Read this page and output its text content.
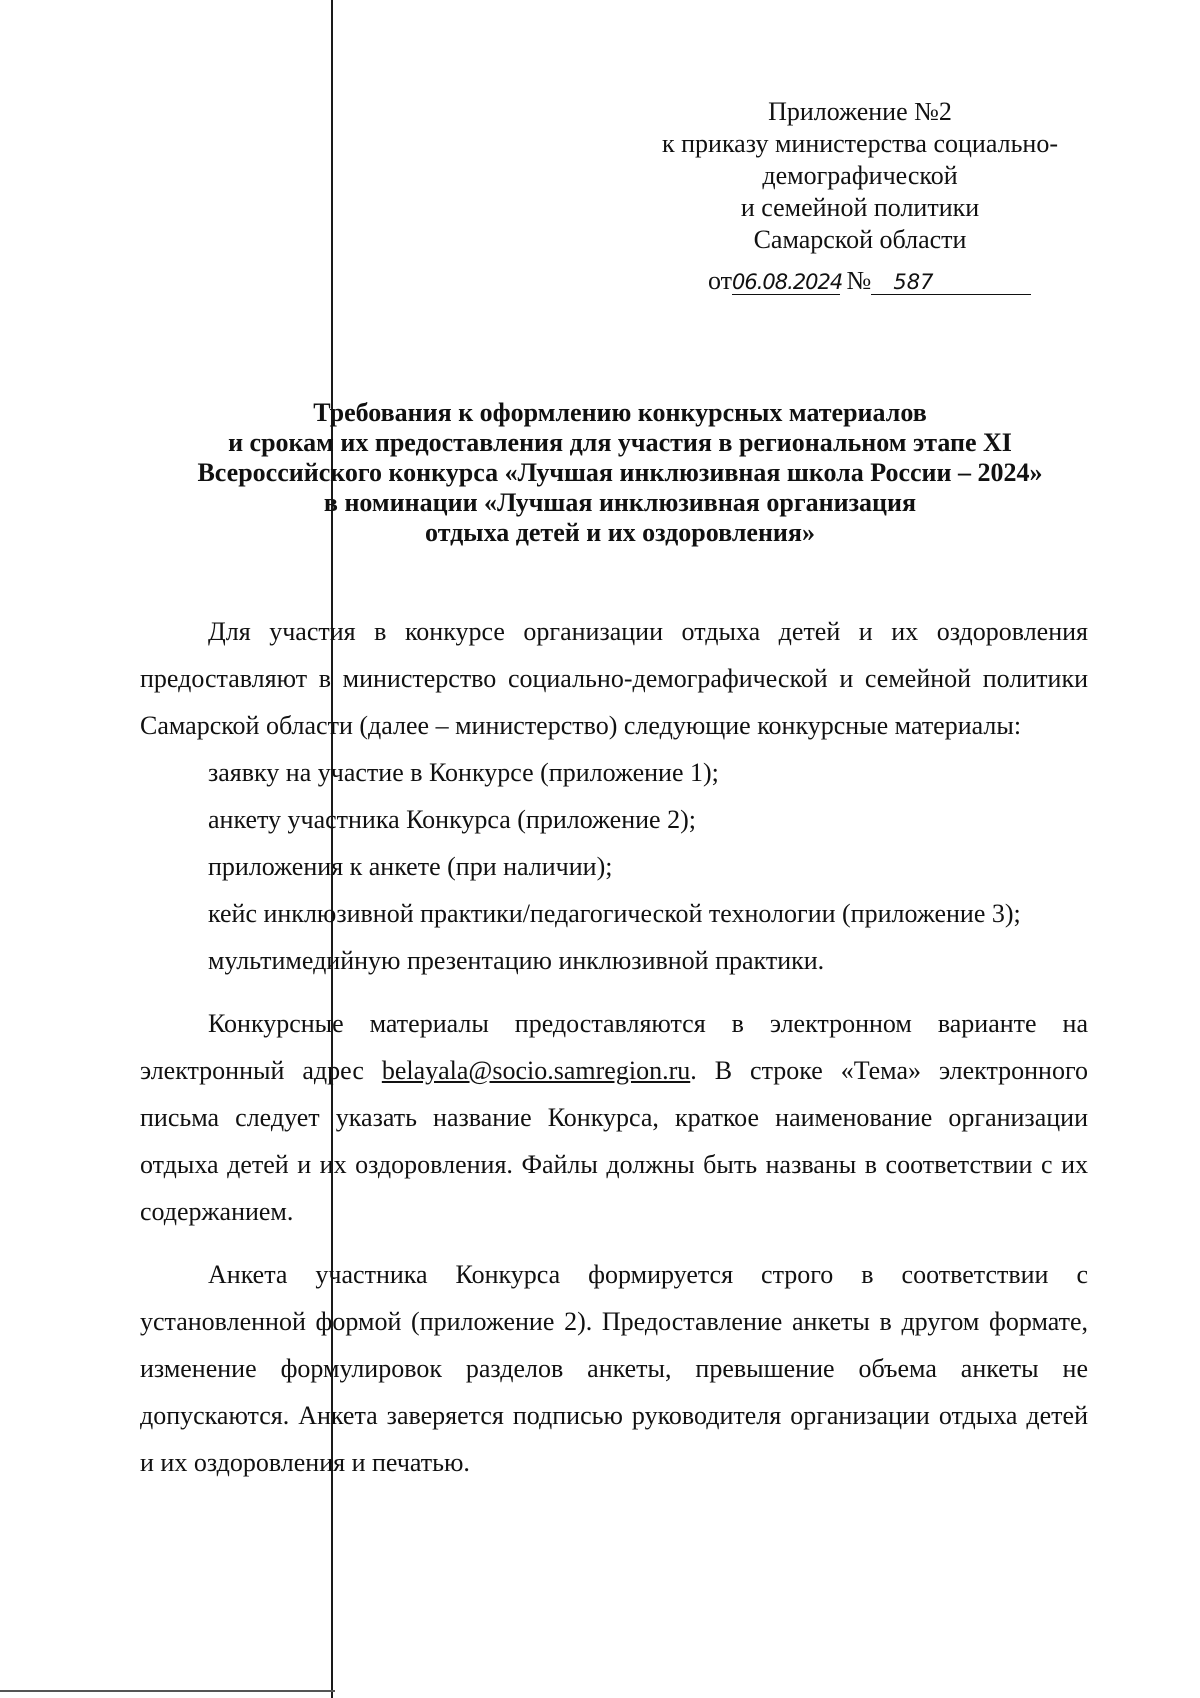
Приложение №2
к приказу министерства социально-
демографической
и семейной политики
Самарской области
от06.08.2024 № 587
Требования к оформлению конкурсных материалов
и срокам их предоставления для участия в региональном этапе XI
Всероссийского конкурса «Лучшая инклюзивная школа России – 2024»
в номинации «Лучшая инклюзивная организация
отдыха детей и их оздоровления»

Для участия в конкурсе организации отдыха детей и их оздоровления предоставляют в министерство социально-демографической и семейной политики Самарской области (далее – министерство) следующие конкурсные материалы:

заявку на участие в Конкурсе (приложение 1);

анкету участника Конкурса (приложение 2);

приложения к анкете (при наличии);

кейс инклюзивной практики/педагогической технологии (приложение 3);

мультимедийную презентацию инклюзивной практики.

Конкурсные материалы предоставляются в электронном варианте на электронный адрес belayala@socio.samregion.ru. В строке «Тема» электронного письма следует указать название Конкурса, краткое наименование организации отдыха детей и их оздоровления. Файлы должны быть названы в соответствии с их содержанием.

Анкета участника Конкурса формируется строго в соответствии с установленной формой (приложение 2). Предоставление анкеты в другом формате, изменение формулировок разделов анкеты, превышение объема анкеты не допускаются. Анкета заверяется подписью руководителя организации отдыха детей и их оздоровления и печатью.
